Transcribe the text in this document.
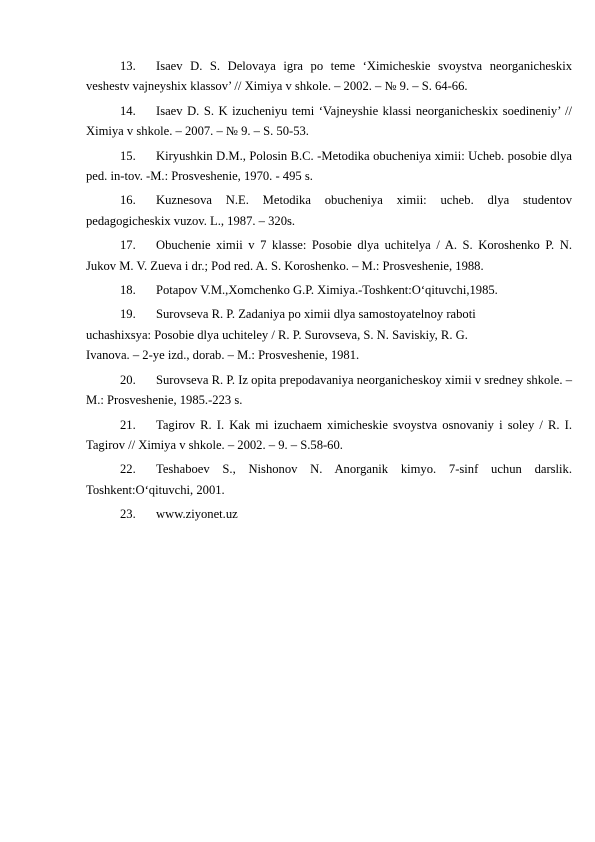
13. Isaev D. S. Delovaya igra po teme ‘Ximicheskie svoystva neorganicheskix veshestv vajneyshix klassov’ // Ximiya v shkole. – 2002. – № 9. – S. 64-66.

14. Isaev D. S. K izucheniyu temi ‘Vajneyshie klassi neorganicheskix soedineniy’ // Ximiya v shkole. – 2007. – № 9. – S. 50-53.

15. Kiryushkin D.M., Polosin B.C. -Metodika obucheniya ximii: Ucheb. posobie dlya ped. in-tov. -M.: Prosveshenie, 1970. - 495 s.

16. Kuznesova N.E. Metodika obucheniya ximii: ucheb. dlya studentov pedagogicheskix vuzov. L., 1987. – 320s.

17. Obuchenie ximii v 7 klasse: Posobie dlya uchitelya / A. S. Koroshenko P. N. Jukov M. V. Zueva i dr.; Pod red. A. S. Koroshenko. – M.: Prosveshenie, 1988.

18. Potapov V.M.,Xomchenko G.P. Ximiya.-Toshkent:O‘qituvchi,1985.

19. Surovseva R. P. Zadaniya po ximii dlya samostoyatelnoy raboti
uchashixsya: Posobie dlya uchiteley / R. P. Surovseva, S. N. Saviskiy, R. G.
Ivanova. – 2-ye izd., dorab. – M.: Prosveshenie, 1981.

20. Surovseva R. P. Iz opita prepodavaniya neorganicheskoy ximii v sredney shkole. – M.: Prosveshenie, 1985.-223 s.

21. Tagirov R. I. Kak mi izuchaem ximicheskie svoystva osnovaniy i soley / R. I. Tagirov // Ximiya v shkole. – 2002. – 9. – S.58-60.

22. Teshaboev S., Nishonov N. Anorganik kimyo. 7-sinf uchun darslik. Toshkent:O‘qituvchi, 2001.

23. www.ziyonet.uz
